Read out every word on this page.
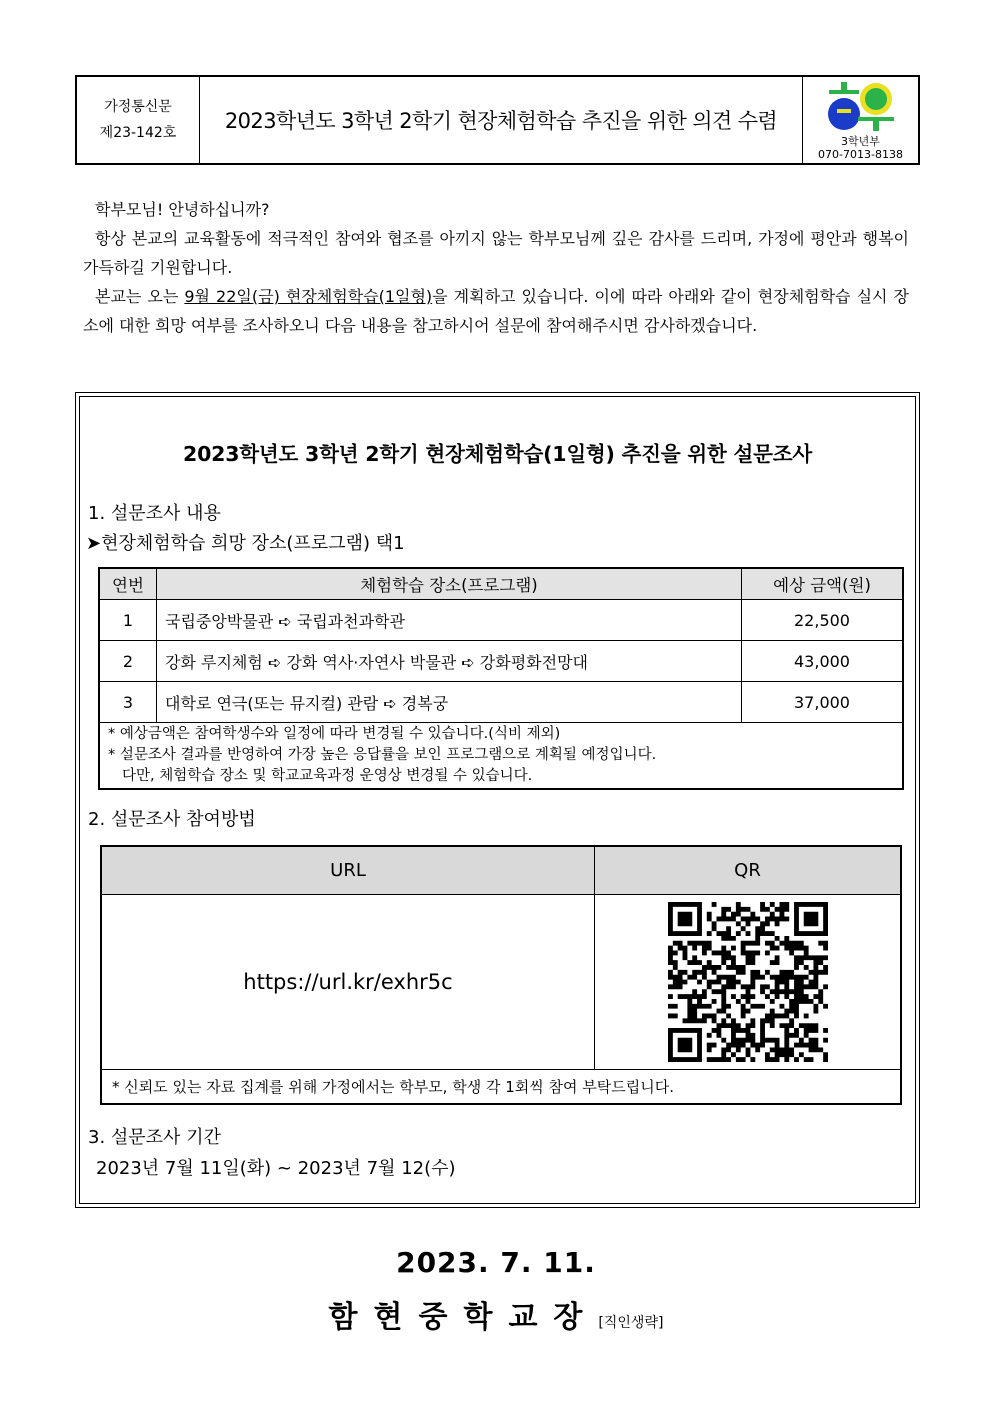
가정통신문
제23-142호 2023학년도 3학년 2학기 현장체험학습 추진을 위한 의견 수렴
3학년부
070-7013-8138

학부모님! 안녕하십니까?

항상 본교의 교육활동에 적극적인 참여와 협조를 아끼지 않는 학부모님께 깊은 감사를 드리며, 가정에 평안과 행복이 가득하길 기원합니다.

본교는 오는 9월 22일(금) 현장체험학습(1일형)을 계획하고 있습니다. 이에 따라 아래와 같이 현장체험학습 실시 장소에 대한 희망 여부를 조사하오니 다음 내용을 참고하시어 설문에 참여해주시면 감사하겠습니다.

2023학년도 3학년 2학기 현장체험학습(1일형) 추진을 위한 설문조사
1. 설문조사 내용
➤현장체험학습 희망 장소(프로그램) 택1
연번	체험학습 장소(프로그램)	예상 금액(원)
1	국립중앙박물관 ➪ 국립과천과학관	22,500
2	강화 루지체험 ➪ 강화 역사·자연사 박물관 ➪ 강화평화전망대	43,000
3	대학로 연극(또는 뮤지컬) 관람 ➪ 경복궁	37,000

* 예상금액은 참여학생수와 일정에 따라 변경될 수 있습니다.(식비 제외)
* 설문조사 결과를 반영하여 가장 높은 응답률을 보인 프로그램으로 계획될 예정입니다.
다만, 체험학습 장소 및 학교교육과정 운영상 변경될 수 있습니다.		
2. 설문조사 참여방법
URL	QR
https://url.kr/exhr5c	

* 신뢰도 있는 자료 집계를 위해 가정에서는 학부모, 학생 각 1회씩 참여 부탁드립니다.	
3. 설문조사 기간
2023년 7월 11일(화) ~ 2023년 7월 12(수)
2023. 7. 11.
함현중학교장[직인생략]
